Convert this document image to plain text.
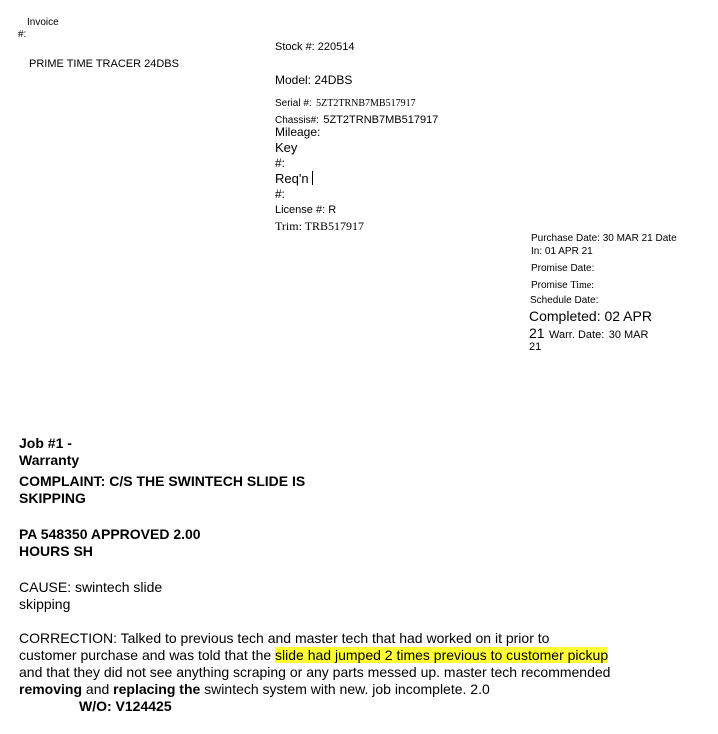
Invoice
#:
PRIME TIME TRACER 24DBS
Stock #: 220514
Model: 24DBS
Serial #: 5ZT2TRNB7MB517917
Chassis#: 5ZT2TRNB7MB517917
Mileage:
Key
#:
Req'n
#:
License #: R
Trim: TRB517917
Purchase Date: 30 MAR 21 Date
In: 01 APR 21
Promise Date:
Promise Time:
Schedule Date:
Completed: 02 APR
21 Warr. Date: 30 MAR
21
Job #1 -
Warranty
COMPLAINT: C/S THE SWINTECH SLIDE IS
SKIPPING
PA 548350 APPROVED 2.00
HOURS SH
CAUSE: swintech slide
skipping
CORRECTION: Talked to previous tech and master tech that had worked on it prior to
customer purchase and was told that the slide had jumped 2 times previous to customer pickup
and that they did not see anything scraping or any parts messed up. master tech recommended
removing and replacing the swintech system with new. job incomplete. 2.0
W/O: V124425
